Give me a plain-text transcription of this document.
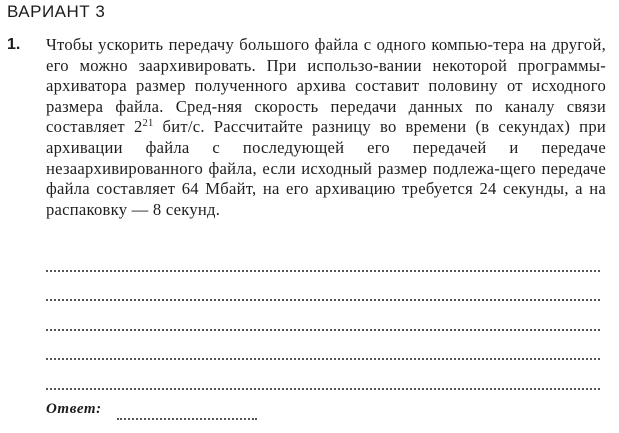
ВАРИАНТ 3
1. Чтобы ускорить передачу большого файла с одного компью-тера на другой, его можно заархивировать. При использо-вании некоторой программы-архиватора размер полученного архива составит половину от исходного размера файла. Сред-няя скорость передачи данных по каналу связи составляет $2^{21}$ бит/с. Рассчитайте разницу во времени (в секундах) при архивации файла с последующей его передачей и передаче незаархивированного файла, если исходный размер подлежа-щего передаче файла составляет 64 Мбайт, на его архивацию требуется 24 секунды, а на распаковку — 8 секунд.
Ответ:
